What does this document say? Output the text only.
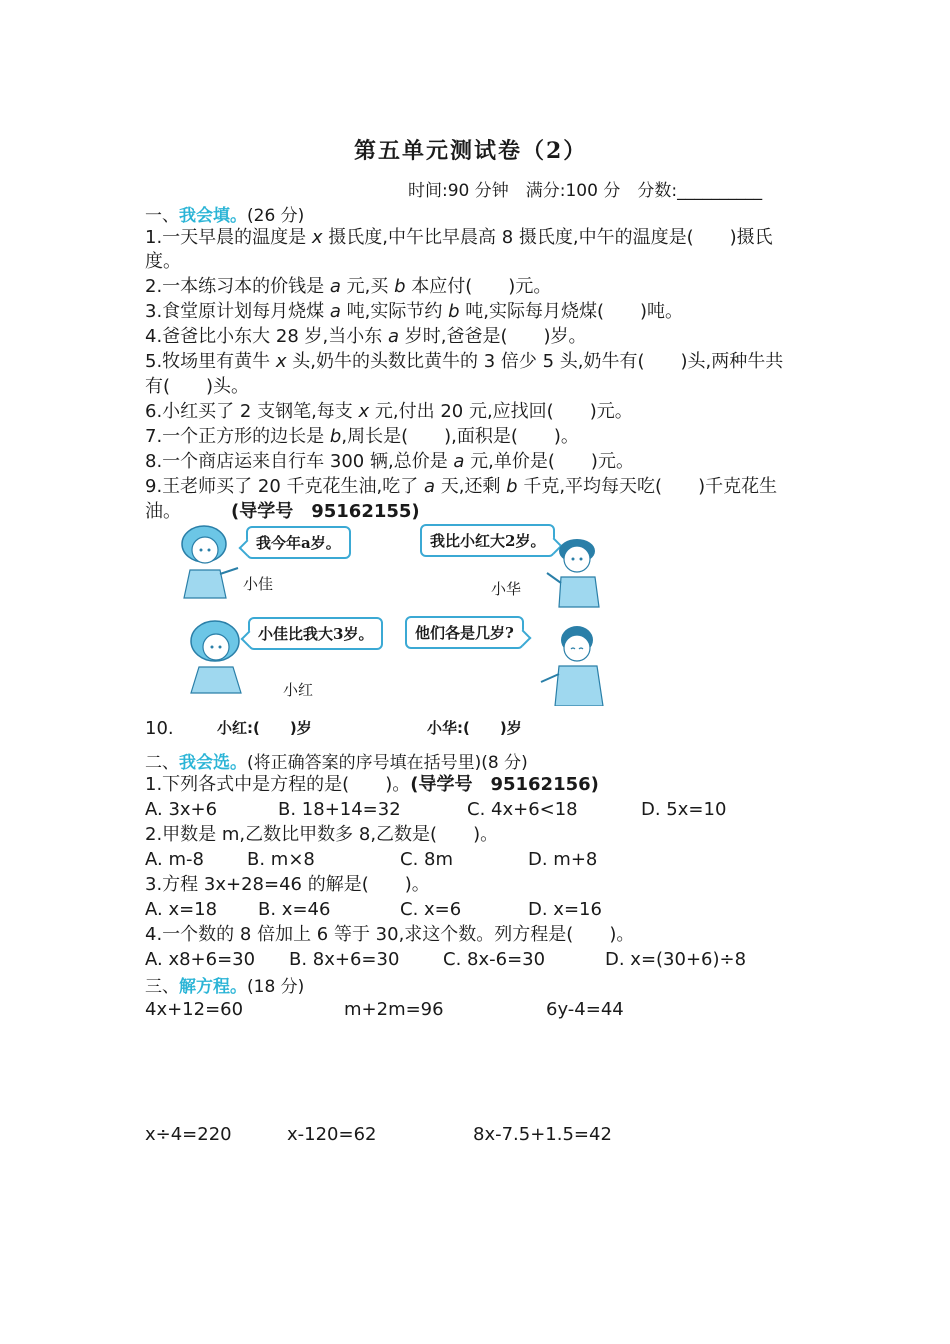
第五单元测试卷（2）
时间:90 分钟　满分:100 分　分数:__________
一、我会填。(26 分)
1.一天早晨的温度是 x 摄氏度,中午比早晨高 8 摄氏度,中午的温度是(　　)摄氏
度。
2.一本练习本的价钱是 a 元,买 b 本应付(　　)元。
3.食堂原计划每月烧煤 a 吨,实际节约 b 吨,实际每月烧煤(　　)吨。
4.爸爸比小东大 28 岁,当小东 a 岁时,爸爸是(　　)岁。
5.牧场里有黄牛 x 头,奶牛的头数比黄牛的 3 倍少 5 头,奶牛有(　　)头,两种牛共
有(　　)头。
6.小红买了 2 支钢笔,每支 x 元,付出 20 元,应找回(　　)元。
7.一个正方形的边长是 b,周长是(　　),面积是(　　)。
8.一个商店运来自行车 300 辆,总价是 a 元,单价是(　　)元。
9.王老师买了 20 千克花生油,吃了 a 天,还剩 b 千克,平均每天吃(　　)千克花生
油。	(导学号　95162155)
我今年a岁。
小佳
我比小红大2岁。
小华
小佳比我大3岁。
小红
他们各是几岁?
10.	小红:(　　)岁	小华:(　　)岁
二、我会选。(将正确答案的序号填在括号里)(8 分)
1.下列各式中是方程的是(　　)。(导学号　95162156)
A. 3x+6	B. 18+14=32	C. 4x+6<18	D. 5x=10
2.甲数是 m,乙数比甲数多 8,乙数是(　　)。
A. m-8 B. m×8	C. 8m	D. m+8
3.方程 3x+28=46 的解是(　　)。
A. x=18 B. x=46	C. x=6	D. x=16
4.一个数的 8 倍加上 6 等于 30,求这个数。列方程是(　　)。
A. x8+6=30 B. 8x+6=30 C. 8x-6=30	D. x=(30+6)÷8
三、解方程。(18 分)
4x+12=60	m+2m=96	6y-4=44
x÷4=220	x-120=62	8x-7.5+1.5=42
